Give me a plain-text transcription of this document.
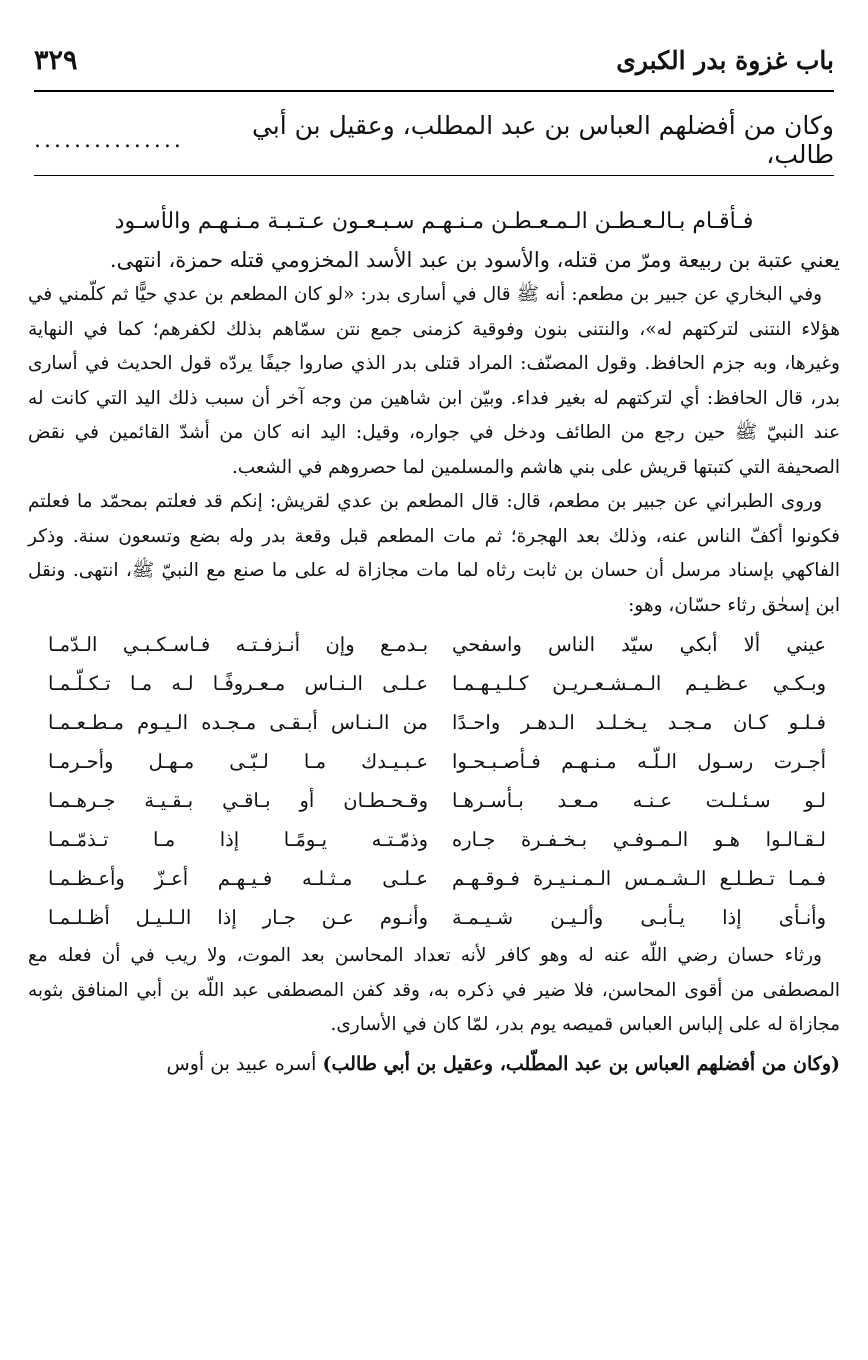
٣٢٩	باب غزوة بدر الكبرى
وكان من أفضلهم العباس بن عبد المطلب، وعقيل بن أبي طالب،
...............
فـأقـام بـالـعـطـن الـمـعـطـن مـنـهـم سـبـعـون عـتـبـة مـنـهـم والأسـود
يعني عتبة بن ربيعة ومرّ من قتله، والأسود بن عبد الأسد المخزومي قتله حمزة، انتهى.

وفي البخاري عن جبير بن مطعم: أنه ﷺ قال في أسارى بدر: «لو كان المطعم بن عدي حيًّا ثم كلّمني في هؤلاء النتنى لتركتهم له»، والنتنى بنون وفوقية كزمنى جمع نتن سمّاهم بذلك لكفرهم؛ كما في النهاية وغيرها، وبه جزم الحافظ. وقول المصنّف: المراد قتلى بدر الذي صاروا جيفًا يردّه قول الحديث في أسارى بدر، قال الحافظ: أي لتركتهم له بغير فداء. وبيّن ابن شاهين من وجه آخر أن سبب ذلك اليد التي كانت له عند النبيّ ﷺ حين رجع من الطائف ودخل في جواره، وقيل: اليد انه كان من أشدّ القائمين في نقض الصحيفة التي كتبتها قريش على بني هاشم والمسلمين لما حصروهم في الشعب.

وروى الطبراني عن جبير بن مطعم، قال: قال المطعم بن عدي لقريش: إنكم قد فعلتم بمحمّد ما فعلتم فكونوا أكفّ الناس عنه، وذلك بعد الهجرة؛ ثم مات المطعم قبل وقعة بدر وله بضع وتسعون سنة. وذكر الفاكهي بإسناد مرسل أن حسان بن ثابت رثاه لما مات مجازاة له على ما صنع مع النبيّ ﷺ، انتهى. ونقل ابن إسحٰق رثاء حسّان، وهو:

عيني ألا أبكي سيّد الناس واسفحي
بـدمـع وإن أنـزفـتـه فـاسـكـبـي الـدّمـا
وبـكـي عـظـيـم الـمـشـعـريـن كـلـيـهـمـا
عـلـى الـنـاس مـعـروفًـا لـه مـا تـكـلّـمـا
فـلـو كـان مـجـد يـخـلـد الـدهـر واحـدًا
من الـنـاس أبـقـى مـجـده الـيـوم مـطـعـمـا
أجـرت رسـول الـلّـه مـنـهـم فـأصـبـحـوا
عـبـيـدك مـا لـبّـى مـهـل وأحـرمـا
لـو سـئـلـت عـنـه مـعـد بـأسـرهـا
وقـحـطـان أو بـاقـي بـقـيـة جـرهـمـا
لـقـالـوا هـو الـمـوفـي بـخـفـرة جـاره
وذمّـتـه يـومًـا إذا مـا تـذمّـمـا
فـمـا تـطـلـع الـشـمـس الـمـنـيـرة فـوقـهـم
عـلـى مـثـلـه فـيـهـم أعـزّ وأعـظـمـا
وأنـأى إذا يـأبـى وألـيـن شـيـمـة
وأنـوم عـن جـار إذا الـلـيـل أظـلـمـا

ورثاء حسان رضي اللّه عنه له وهو كافر لأنه تعداد المحاسن بعد الموت، ولا ريب في أن فعله مع المصطفى من أقوى المحاسن، فلا ضير في ذكره به، وقد كفن المصطفى عبد اللّه بن أبي المنافق بثوبه مجازاة له على إلباس العباس قميصه يوم بدر، لمّا كان في الأسارى.

(وكان من أفضلهم العباس بن عبد المطّلب، وعقيل بن أبي طالب) أسره عبيد بن أوس
